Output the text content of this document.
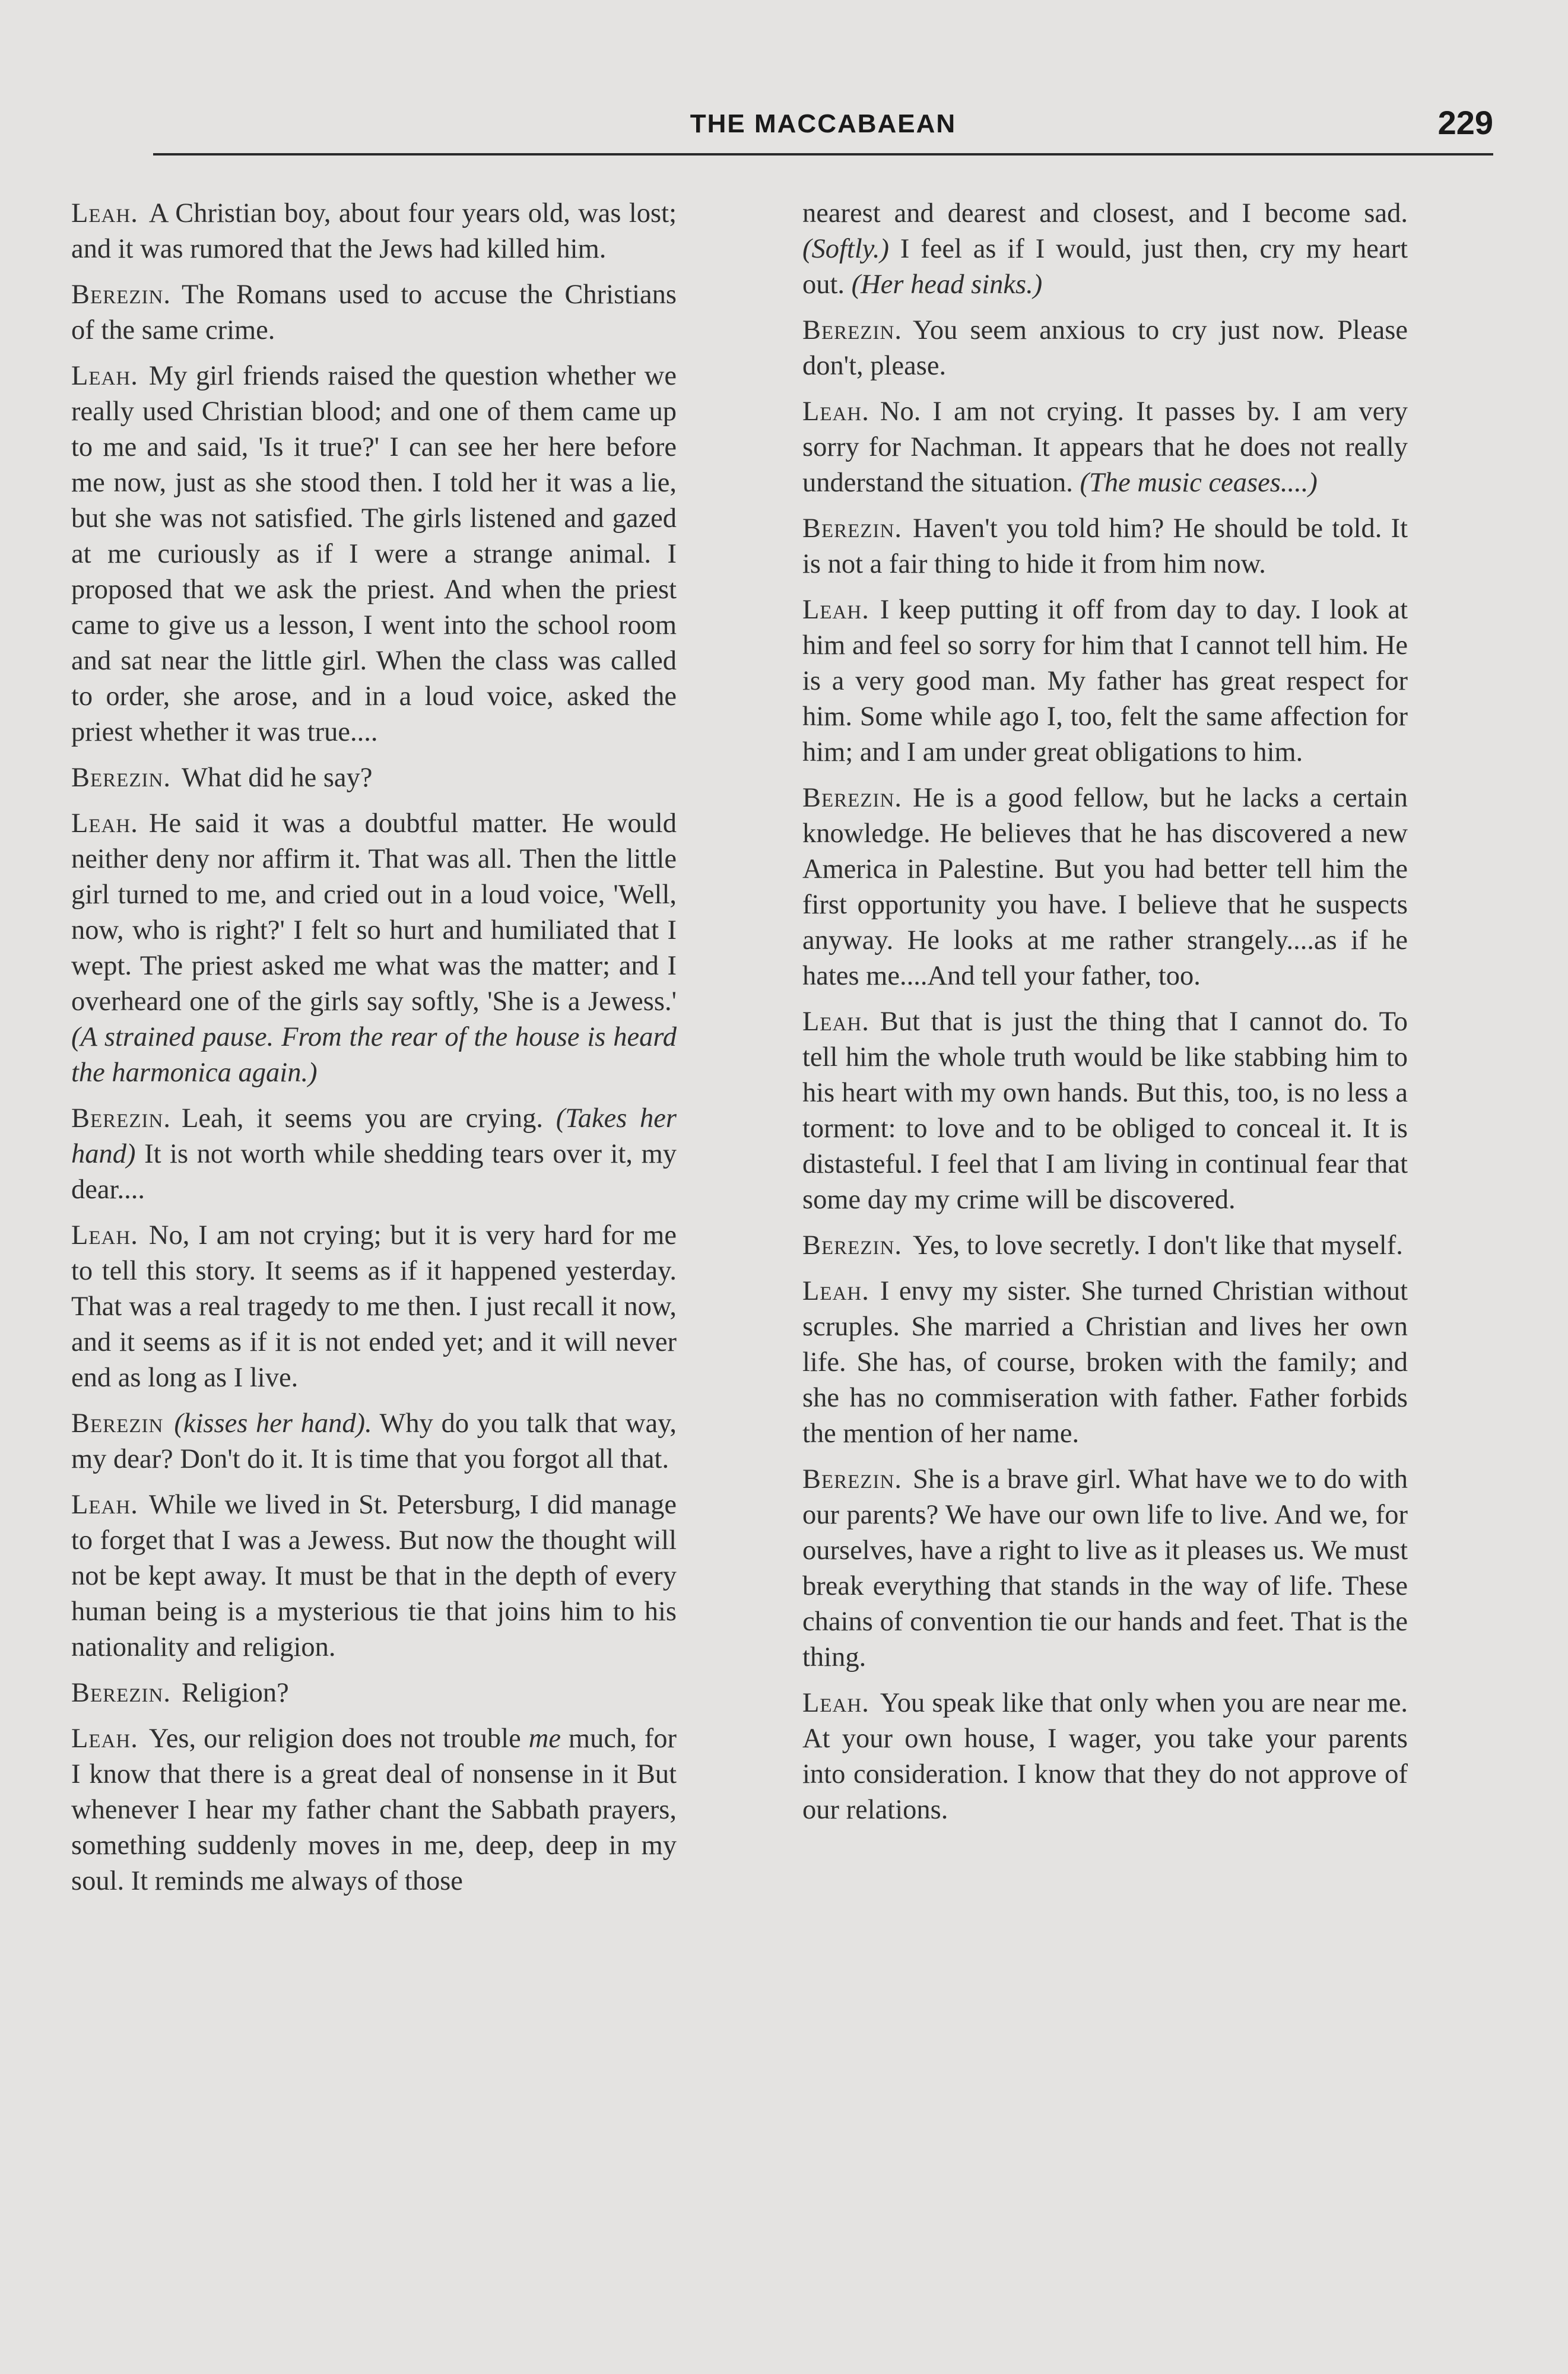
THE MACCABAEAN	229

Leah. A Christian boy, about four years old, was lost; and it was rumored that the Jews had killed him.

Berezin. The Romans used to accuse the Christians of the same crime.

Leah. My girl friends raised the question whether we really used Christian blood; and one of them came up to me and said, 'Is it true?' I can see her here before me now, just as she stood then. I told her it was a lie, but she was not satisfied. The girls listened and gazed at me curiously as if I were a strange animal. I proposed that we ask the priest. And when the priest came to give us a lesson, I went into the school room and sat near the little girl. When the class was called to order, she arose, and in a loud voice, asked the priest whether it was true....

Berezin. What did he say?

Leah. He said it was a doubtful matter. He would neither deny nor affirm it. That was all. Then the little girl turned to me, and cried out in a loud voice, 'Well, now, who is right?' I felt so hurt and humiliated that I wept. The priest asked me what was the matter; and I overheard one of the girls say softly, 'She is a Jewess.' (A strained pause. From the rear of the house is heard the harmonica again.)

Berezin. Leah, it seems you are crying. (Takes her hand) It is not worth while shedding tears over it, my dear....

Leah. No, I am not crying; but it is very hard for me to tell this story. It seems as if it happened yesterday. That was a real tragedy to me then. I just recall it now, and it seems as if it is not ended yet; and it will never end as long as I live.

Berezin (kisses her hand). Why do you talk that way, my dear? Don't do it. It is time that you forgot all that.

Leah. While we lived in St. Petersburg, I did manage to forget that I was a Jewess. But now the thought will not be kept away. It must be that in the depth of every human being is a mysterious tie that joins him to his nationality and religion.

Berezin. Religion?

Leah. Yes, our religion does not trouble me much, for I know that there is a great deal of nonsense in it But whenever I hear my father chant the Sabbath prayers, something suddenly moves in me, deep, deep in my soul. It reminds me always of those

nearest and dearest and closest, and I become sad. (Softly.) I feel as if I would, just then, cry my heart out. (Her head sinks.)

Berezin. You seem anxious to cry just now. Please don't, please.

Leah. No. I am not crying. It passes by. I am very sorry for Nachman. It appears that he does not really understand the situation. (The music ceases....)

Berezin. Haven't you told him? He should be told. It is not a fair thing to hide it from him now.

Leah. I keep putting it off from day to day. I look at him and feel so sorry for him that I cannot tell him. He is a very good man. My father has great respect for him. Some while ago I, too, felt the same affection for him; and I am under great obligations to him.

Berezin. He is a good fellow, but he lacks a certain knowledge. He believes that he has discovered a new America in Palestine. But you had better tell him the first opportunity you have. I believe that he suspects anyway. He looks at me rather strangely....as if he hates me....And tell your father, too.

Leah. But that is just the thing that I cannot do. To tell him the whole truth would be like stabbing him to his heart with my own hands. But this, too, is no less a torment: to love and to be obliged to conceal it. It is distasteful. I feel that I am living in continual fear that some day my crime will be discovered.

Berezin. Yes, to love secretly. I don't like that myself.

Leah. I envy my sister. She turned Christian without scruples. She married a Christian and lives her own life. She has, of course, broken with the family; and she has no commiseration with father. Father forbids the mention of her name.

Berezin. She is a brave girl. What have we to do with our parents? We have our own life to live. And we, for ourselves, have a right to live as it pleases us. We must break everything that stands in the way of life. These chains of convention tie our hands and feet. That is the thing.

Leah. You speak like that only when you are near me. At your own house, I wager, you take your parents into consideration. I know that they do not approve of our relations.
